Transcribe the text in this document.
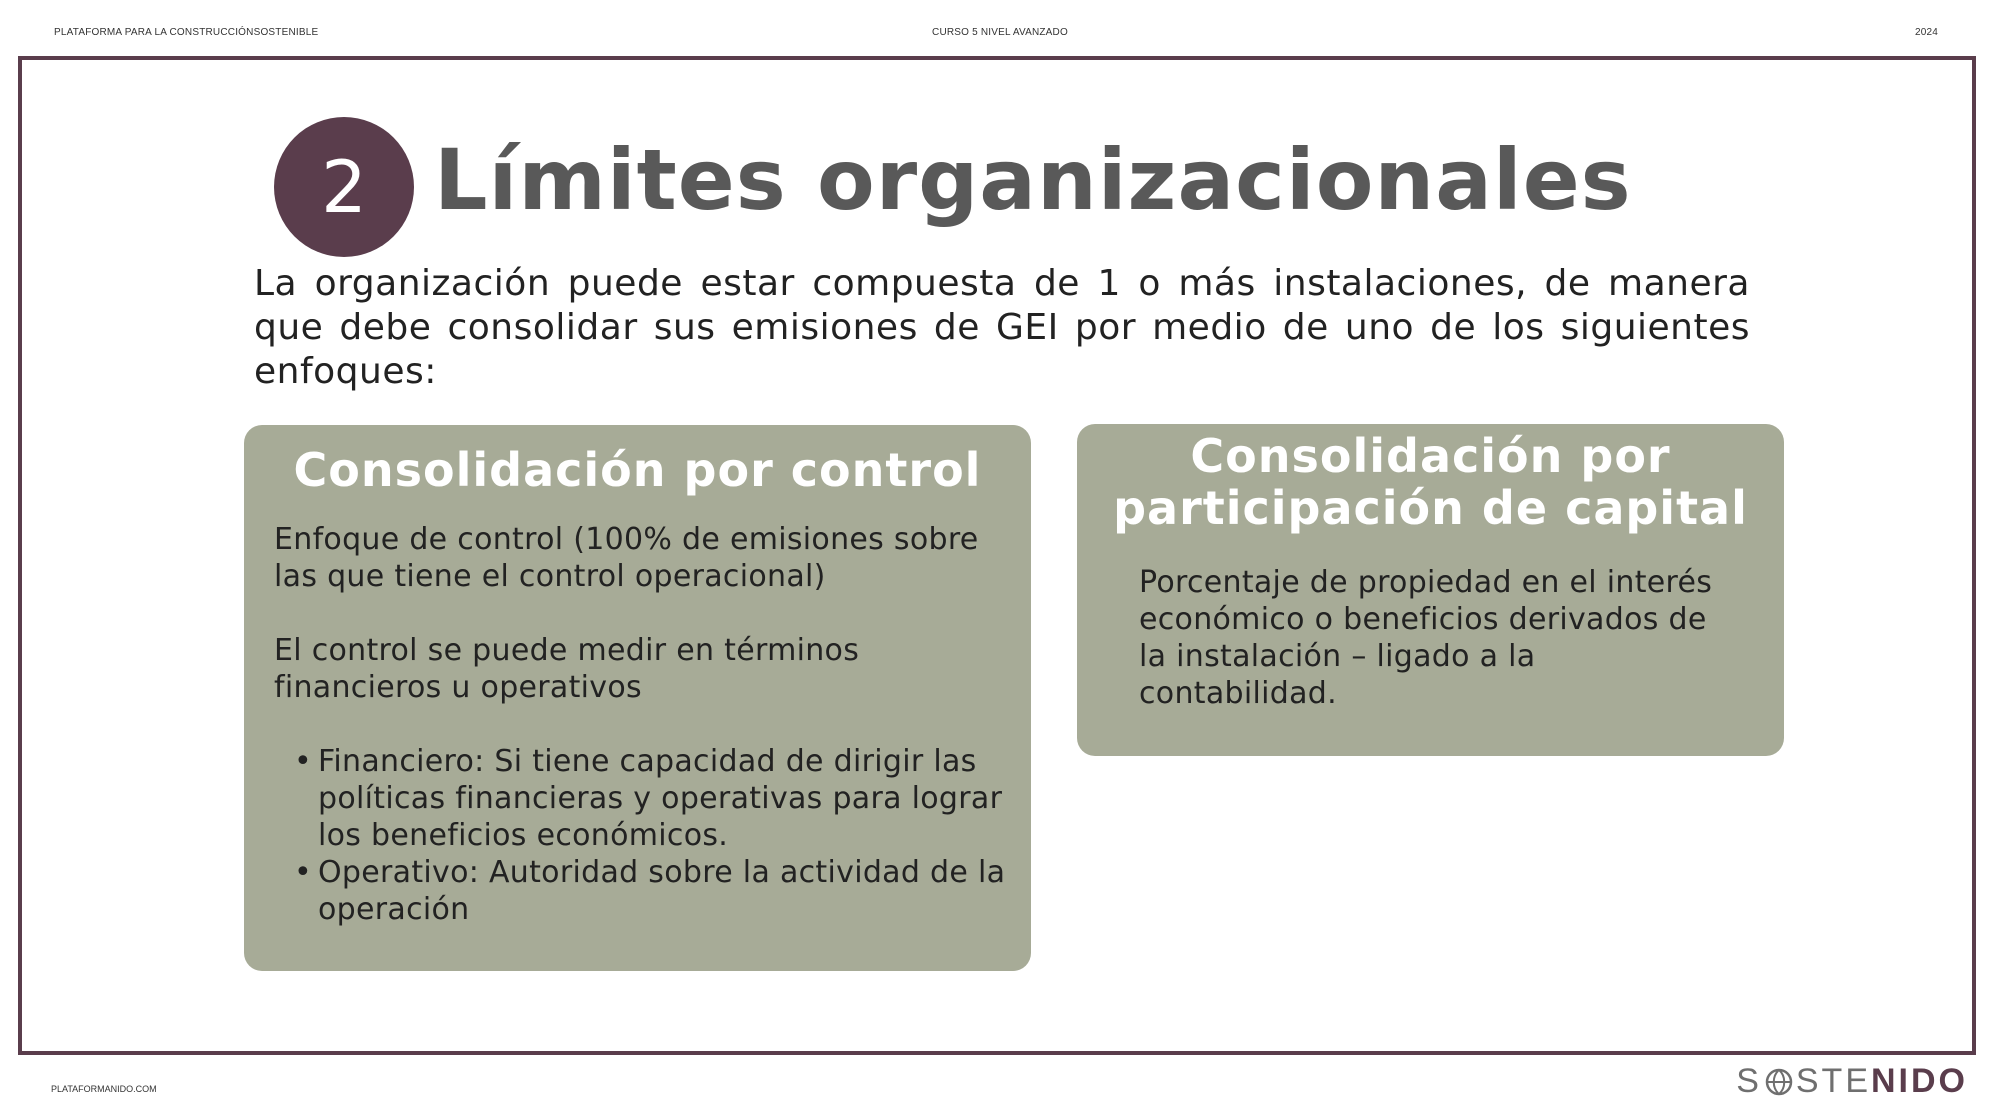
PLATAFORMA PARA LA CONSTRUCCIÓNSOSTENIBLE	CURSO 5 NIVEL AVANZADO	2024
2 Límites organizacionales

La organización puede estar compuesta de 1 o más instalaciones, de manera que debe consolidar sus emisiones de GEI por medio de uno de los siguientes enfoques:

Consolidación por control

Enfoque de control (100% de emisiones sobre las que tiene el control operacional)

El control se puede medir en términos financieros u operativos

• Financiero: Si tiene capacidad de dirigir las políticas financieras y operativas para lograr los beneficios económicos.
• Operativo: Autoridad sobre la actividad de la operación
Consolidación por participación de capital

Porcentaje de propiedad en el interés económico o beneficios derivados de la instalación – ligado a la contabilidad.

PLATAFORMANIDO.COM	S STE NIDO
